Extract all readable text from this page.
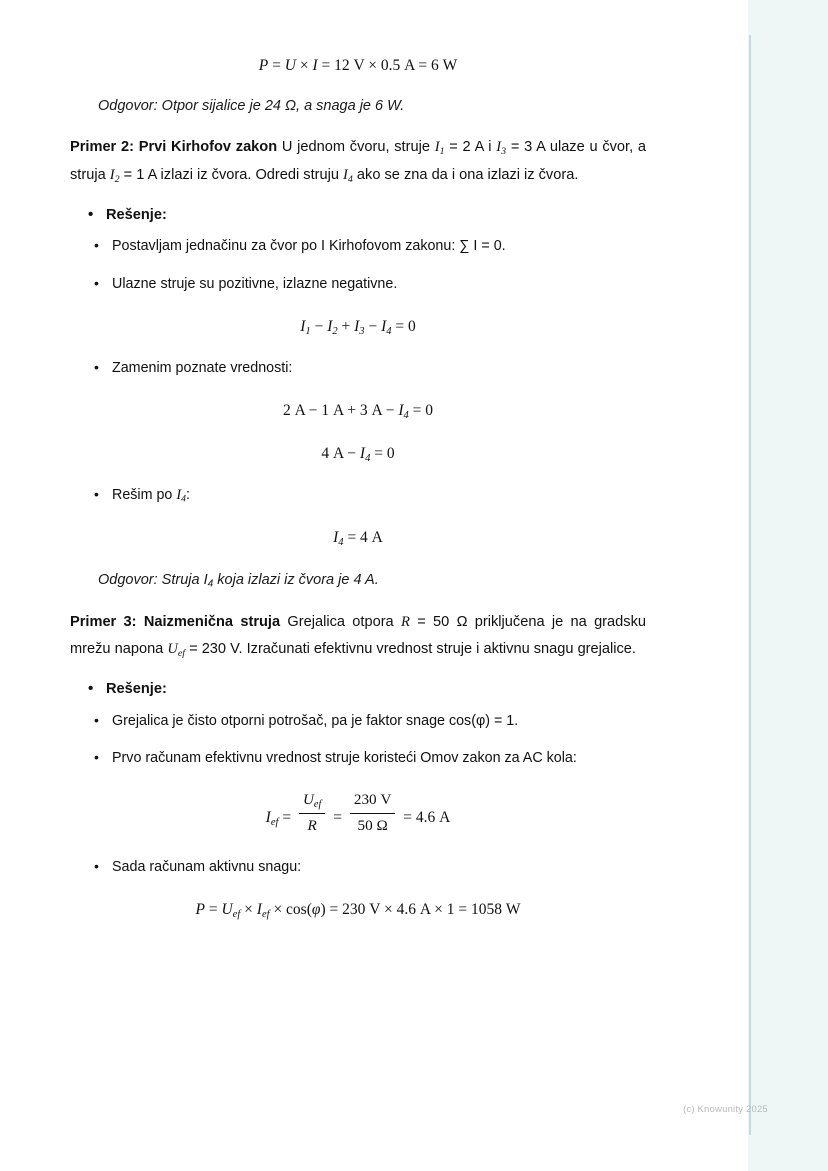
P = U × I = 12 V × 0.5 A = 6 W
Odgovor: Otpor sijalice je 24 Ω, a snaga je 6 W.

Primer 2: Prvi Kirhofov zakon U jednom čvoru, struje $I_1 = 2$ A i $I_3 = 3$ A ulaze u čvor, a struja $I_2 = 1$ A izlazi iz čvora. Odredi struju $I_4$ ako se zna da i ona izlazi iz čvora.

• Rešenje:
• Postavljam jednačinu za čvor po I Kirhofovom zakonu: ∑ I = 0.
• Ulazne struje su pozitivne, izlazne negativne.
$I_1 - I_2 + I_3 - I_4 = 0$
• Zamenim poznate vrednosti:
2 A − 1 A + 3 $A - I_4 = 0$
4 $A - I_4 = 0$
• Rešim po $I_4$:
$I_4 = 4$ A
Odgovor: Struja $I_4$ koja izlazi iz čvora je 4 A.

Primer 3: Naizmenična struja Grejalica otpora R = 50 Ω priključena je na gradsku mrežu napona $U_{ef} = 230$ V. Izračunati efektivnu vrednost struje i aktivnu snagu grejalice.

• Rešenje:
• Grejalica je čisto otporni potrošač, pa je faktor snage cos(φ) = 1.
• Prvo računam efektivnu vrednost struje koristeći Omov zakon za AC kola:
$I_{ef} = \frac{U_{ef}}{R} = \frac{230 V}{50 \Omega} = 4.6$ A
• Sada računam aktivnu snagu:
$P = U_{ef} \times I_{ef} \times \cos(\varphi) = 230$ V × 4.6 A × 1 = 1058 W
(c) Knowunity 2025
